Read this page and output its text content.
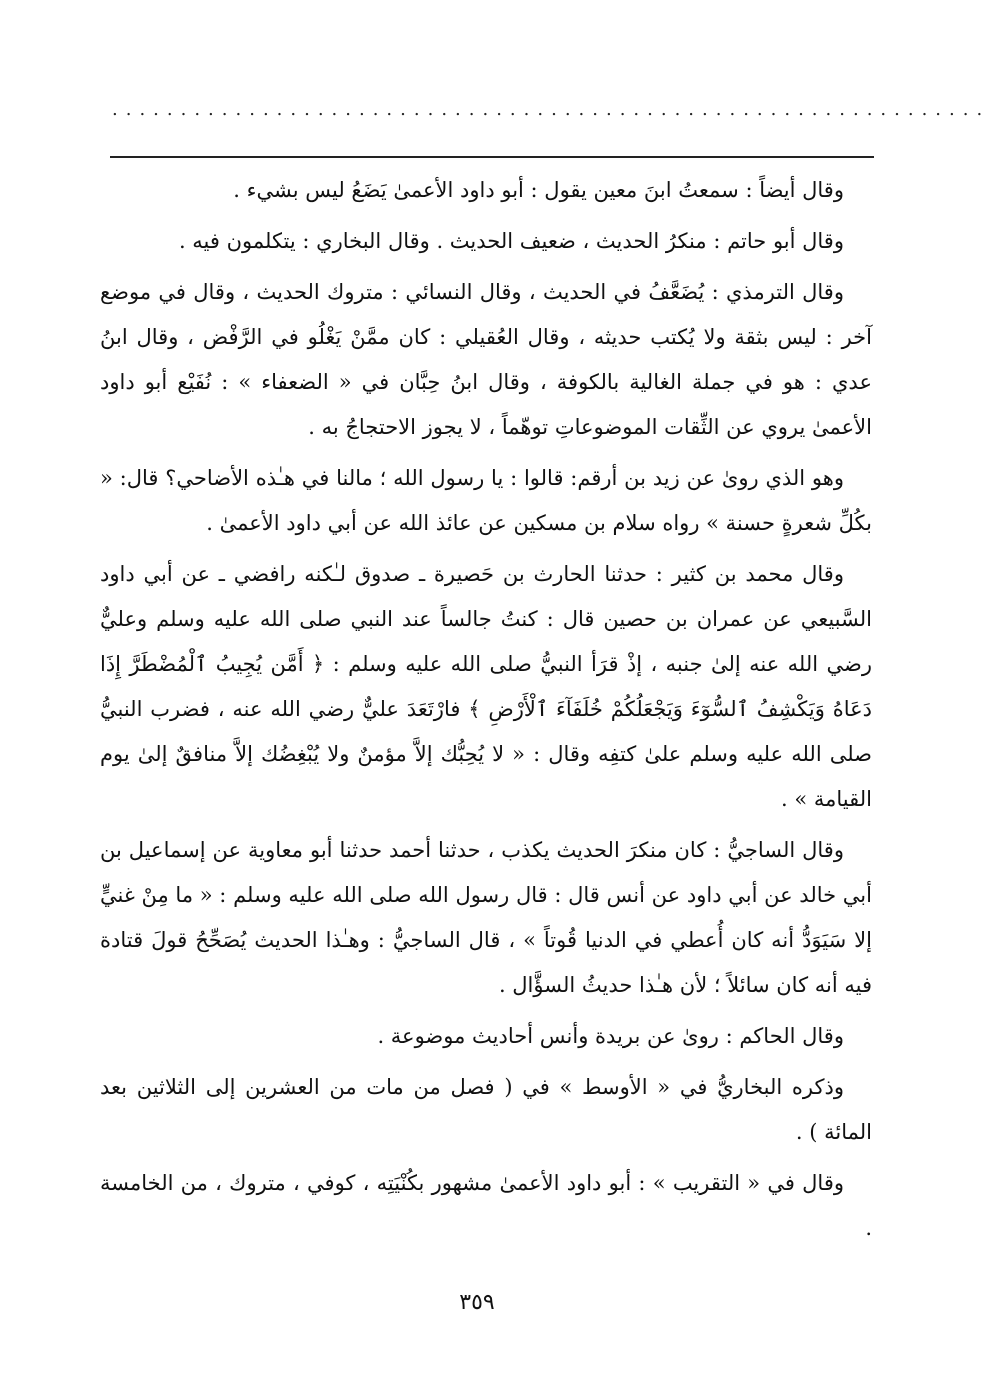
................................................................

وقال أيضاً : سمعتُ ابنَ معين يقول : أبو داود الأعمىٰ يَضَعُ ليس بشيء .

وقال أبو حاتم : منكرُ الحديث ، ضعيف الحديث . وقال البخاري : يتكلمون فيه .

وقال الترمذي : يُضَعَّفُ في الحديث ، وقال النسائي : متروك الحديث ، وقال في موضع آخر : ليس بثقة ولا يُكتب حديثه ، وقال العُقيلي : كان ممَّنْ يَغْلُو في الرَّفْض ، وقال ابنُ عدي : هو في جملة الغالية بالكوفة ، وقال ابنُ حِبَّان في « الضعفاء » : نُفَيْع أبو داود الأعمىٰ يروي عن الثِّقات الموضوعاتِ توهّماً ، لا يجوز الاحتجاجُ به .

وهو الذي روىٰ عن زيد بن أرقم: قالوا : يا رسول الله ؛ مالنا في هـٰذه الأضاحي؟ قال: « بكُلِّ شعرةٍ حسنة » رواه سلام بن مسكين عن عائذ الله عن أبي داود الأعمىٰ .

وقال محمد بن كثير : حدثنا الحارث بن حَصيرة ـ صدوق لـٰكنه رافضي ـ عن أبي داود السَّبيعي عن عمران بن حصين قال : كنتُ جالساً عند النبي صلى الله عليه وسلم وعليٌّ رضي الله عنه إلىٰ جنبه ، إذْ قرَأ النبيُّ صلى الله عليه وسلم : ﴿ أَمَّن يُجِيبُ ٱلْمُضْطَرَّ إِذَا دَعَاهُ وَيَكْشِفُ ٱلسُّوٓءَ وَيَجْعَلُكُمْ خُلَفَآءَ ٱلْأَرْضِ ﴾ فارْتَعَدَ عليٌّ رضي الله عنه ، فضرب النبيُّ صلى الله عليه وسلم علىٰ كتفِه وقال : « لا يُحِبُّك إلاَّ مؤمنٌ ولا يُبْغِضُك إلاَّ منافقٌ إلىٰ يوم القيامة » .

وقال الساجيُّ : كان منكرَ الحديث يكذب ، حدثنا أحمد حدثنا أبو معاوية عن إسماعيل بن أبي خالد عن أبي داود عن أنس قال : قال رسول الله صلى الله عليه وسلم : « ما مِنْ غنيٍّ إلا سَيَوَدُّ أنه كان أُعطي في الدنيا قُوتاً » ، قال الساجيُّ : وهـٰذا الحديث يُصَحِّحُ قولَ قتادة فيه أنه كان سائلاً ؛ لأن هـٰذا حديثُ السؤَّال .

وقال الحاكم : روىٰ عن بريدة وأنس أحاديث موضوعة .

وذكره البخاريُّ في « الأوسط » في ( فصل من مات من العشرين إلى الثلاثين بعد المائة ) .

وقال في « التقريب » : أبو داود الأعمىٰ مشهور بكُنْيَتِه ، كوفي ، متروك ، من الخامسة .

٣٥٩
